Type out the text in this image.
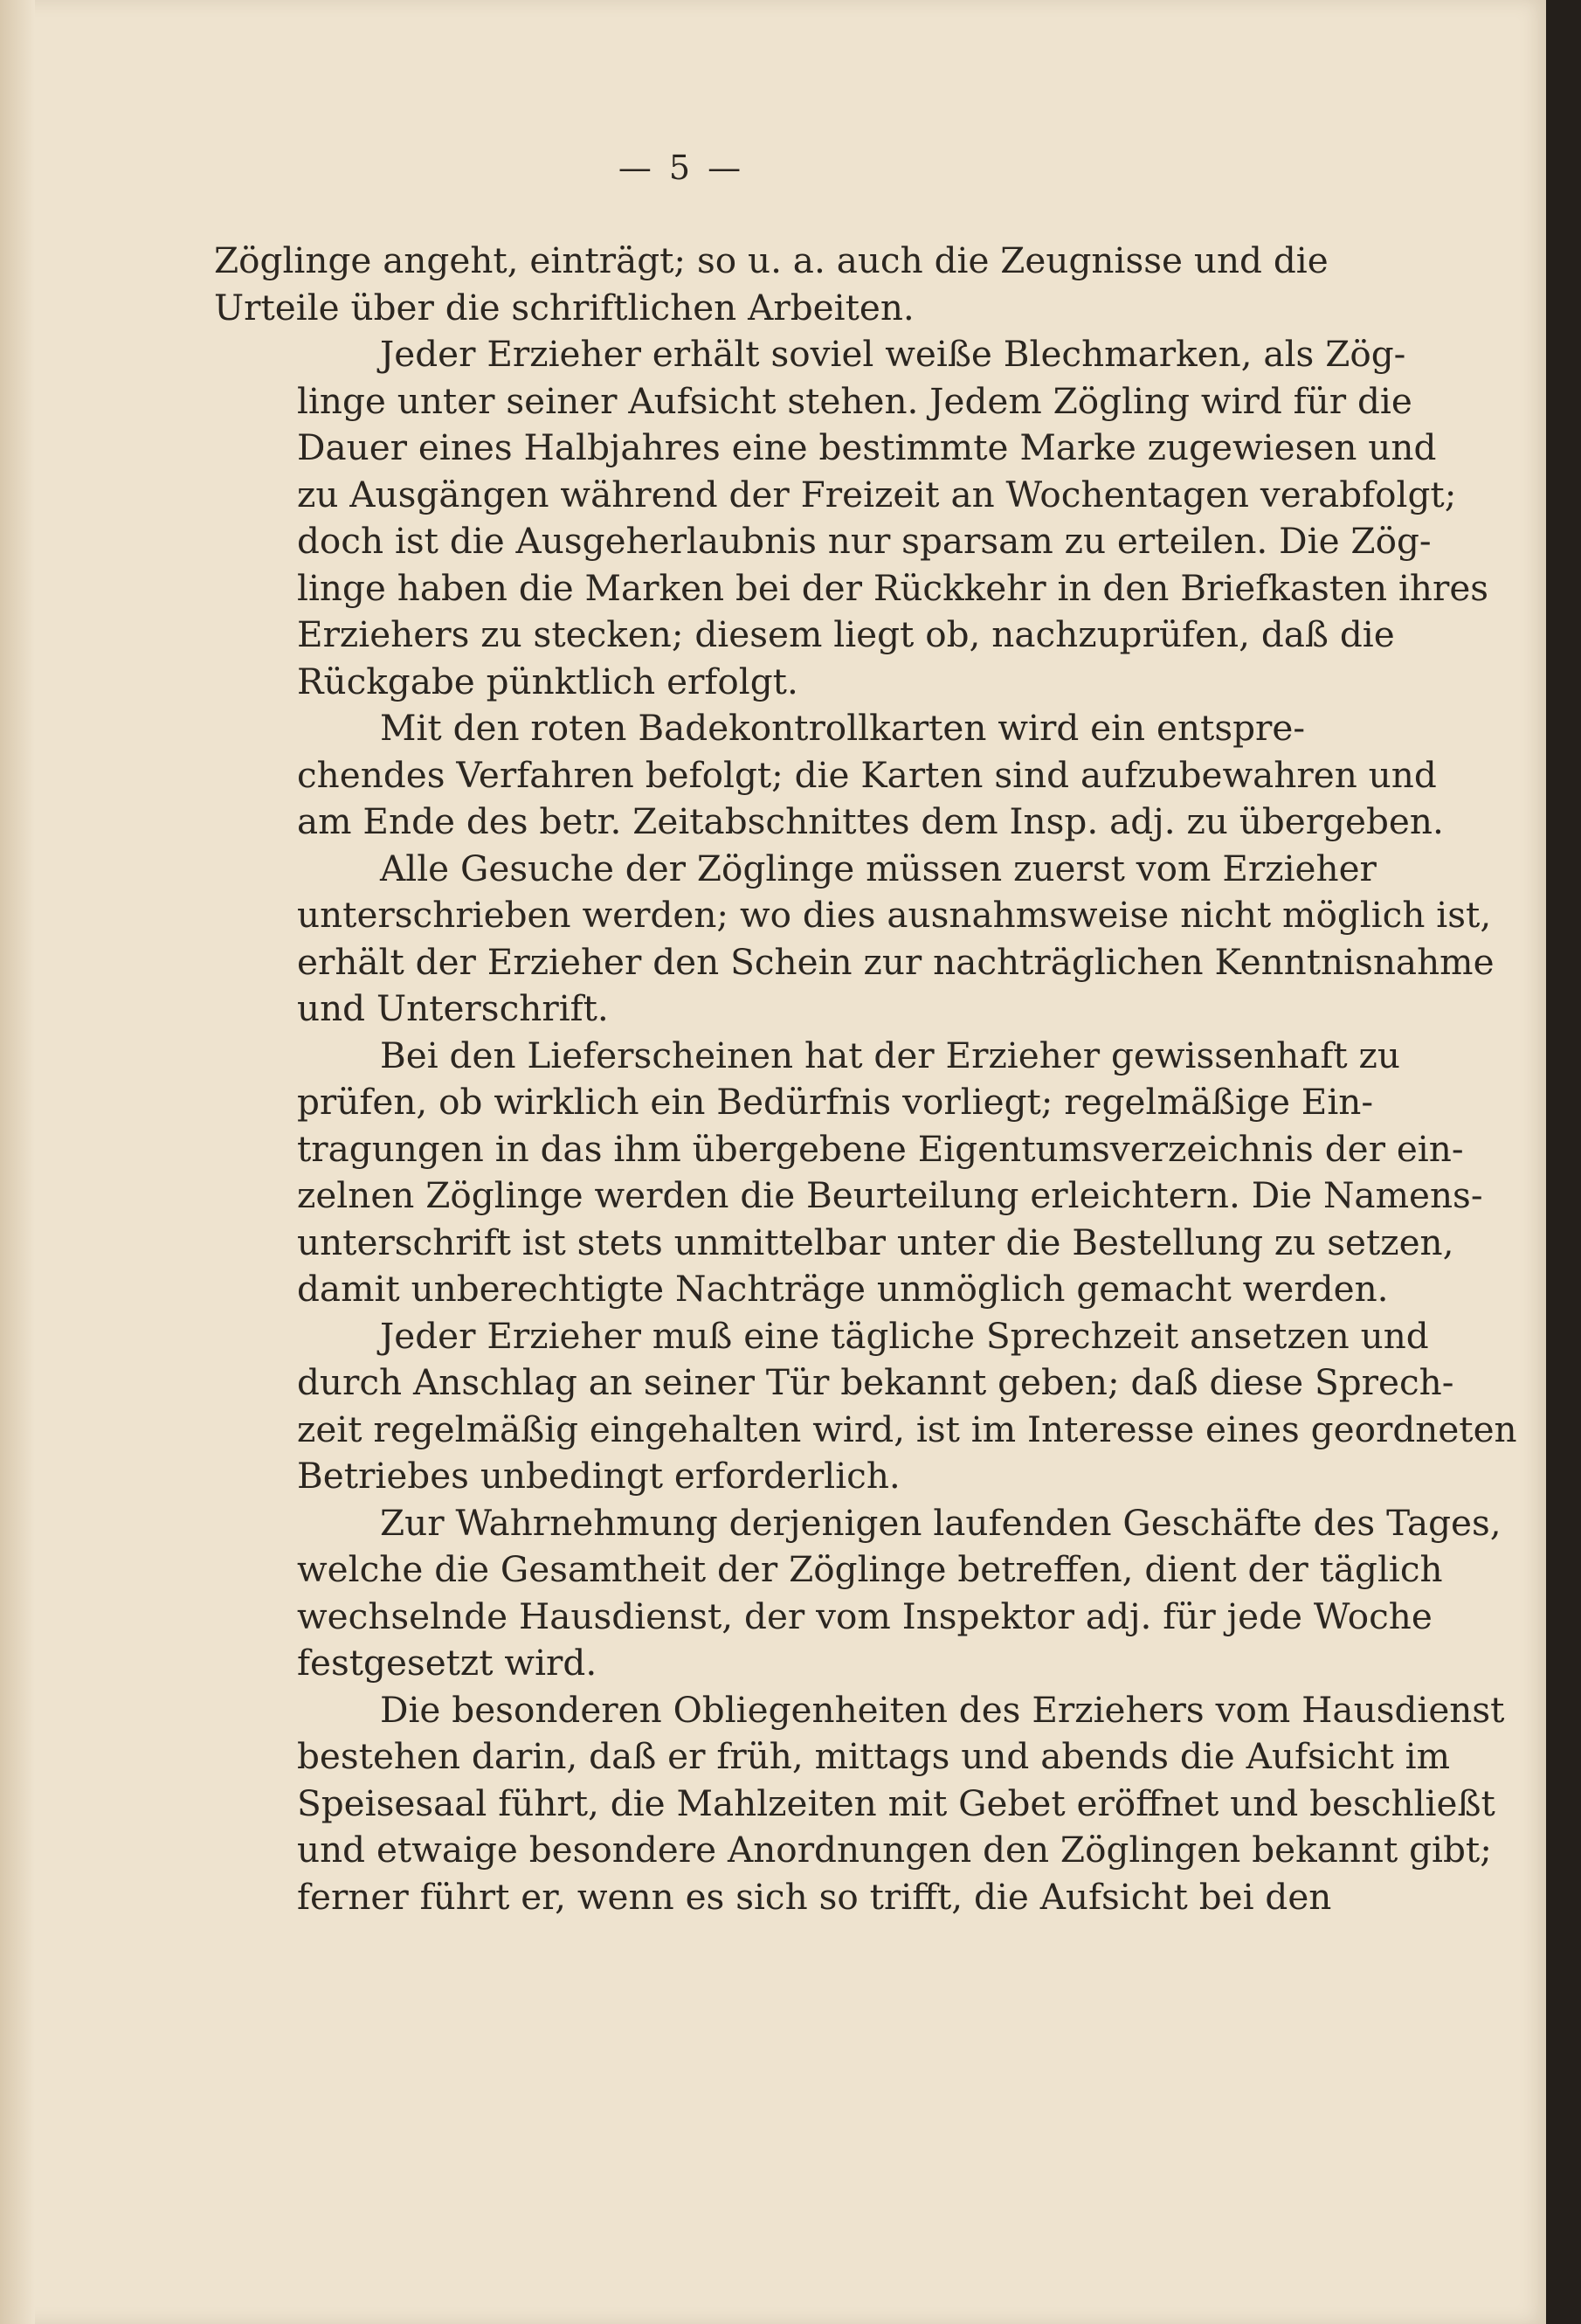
— 5 —
Zöglinge angeht, einträgt; so u. a. auch die Zeugnisse und die
Urteile über die schriftlichen Arbeiten.
Jeder Erzieher erhält soviel weiße Blechmarken, als Zög-
linge unter seiner Aufsicht stehen. Jedem Zögling wird für die
Dauer eines Halbjahres eine bestimmte Marke zugewiesen und
zu Ausgängen während der Freizeit an Wochentagen verabfolgt;
doch ist die Ausgeherlaubnis nur sparsam zu erteilen. Die Zög-
linge haben die Marken bei der Rückkehr in den Briefkasten ihres
Erziehers zu stecken; diesem liegt ob, nachzuprüfen, daß die
Rückgabe pünktlich erfolgt.
Mit den roten Badekontrollkarten wird ein entspre-
chendes Verfahren befolgt; die Karten sind aufzubewahren und
am Ende des betr. Zeitabschnittes dem Insp. adj. zu übergeben.
Alle Gesuche der Zöglinge müssen zuerst vom Erzieher
unterschrieben werden; wo dies ausnahmsweise nicht möglich ist,
erhält der Erzieher den Schein zur nachträglichen Kenntnisnahme
und Unterschrift.
Bei den Lieferscheinen hat der Erzieher gewissenhaft zu
prüfen, ob wirklich ein Bedürfnis vorliegt; regelmäßige Ein-
tragungen in das ihm übergebene Eigentumsverzeichnis der ein-
zelnen Zöglinge werden die Beurteilung erleichtern. Die Namens-
unterschrift ist stets unmittelbar unter die Bestellung zu setzen,
damit unberechtigte Nachträge unmöglich gemacht werden.
Jeder Erzieher muß eine tägliche Sprechzeit ansetzen und
durch Anschlag an seiner Tür bekannt geben; daß diese Sprech-
zeit regelmäßig eingehalten wird, ist im Interesse eines geordneten
Betriebes unbedingt erforderlich.
Zur Wahrnehmung derjenigen laufenden Geschäfte des Tages,
welche die Gesamtheit der Zöglinge betreffen, dient der täglich
wechselnde Hausdienst, der vom Inspektor adj. für jede Woche
festgesetzt wird.
Die besonderen Obliegenheiten des Erziehers vom Hausdienst
bestehen darin, daß er früh, mittags und abends die Aufsicht im
Speisesaal führt, die Mahlzeiten mit Gebet eröffnet und beschließt
und etwaige besondere Anordnungen den Zöglingen bekannt gibt;
ferner führt er, wenn es sich so trifft, die Aufsicht bei den
